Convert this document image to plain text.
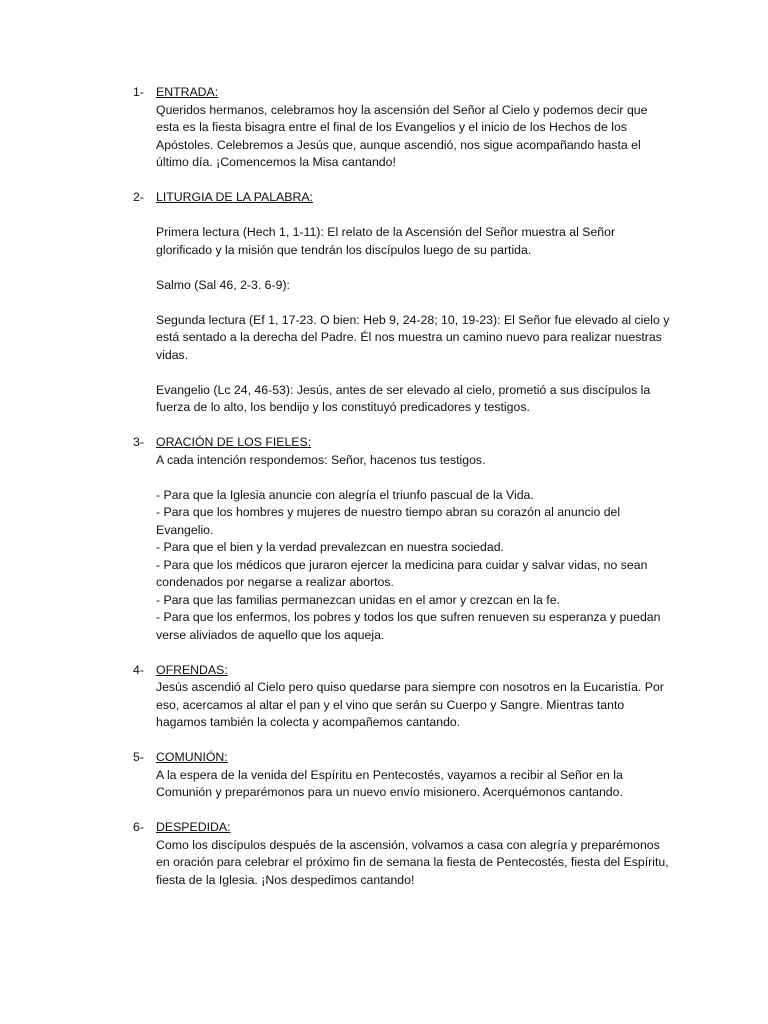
1- ENTRADA:

Queridos hermanos, celebramos hoy la ascensión del Señor al Cielo y podemos decir que esta es la fiesta bisagra entre el final de los Evangelios y el inicio de los Hechos de los Apóstoles. Celebremos a Jesús que, aunque ascendió, nos sigue acompañando hasta el último día. ¡Comencemos la Misa cantando!

2- LITURGIA DE LA PALABRA:

Primera lectura (Hech 1, 1-11): El relato de la Ascensión del Señor muestra al Señor glorificado y la misión que tendrán los discípulos luego de su partida.

Salmo (Sal 46, 2-3. 6-9):

Segunda lectura (Ef 1, 17-23. O bien: Heb 9, 24-28; 10, 19-23): El Señor fue elevado al cielo y está sentado a la derecha del Padre. Él nos muestra un camino nuevo para realizar nuestras vidas.

Evangelio (Lc 24, 46-53): Jesús, antes de ser elevado al cielo, prometió a sus discípulos la fuerza de lo alto, los bendijo y los constituyó predicadores y testigos.

3- ORACIÓN DE LOS FIELES:

A cada intención respondemos: Señor, hacenos tus testigos.

- Para que la Iglesia anuncie con alegría el triunfo pascual de la Vida.

- Para que los hombres y mujeres de nuestro tiempo abran su corazón al anuncio del Evangelio.

- Para que el bien y la verdad prevalezcan en nuestra sociedad.

- Para que los médicos que juraron ejercer la medicina para cuidar y salvar vidas, no sean condenados por negarse a realizar abortos.

- Para que las familias permanezcan unidas en el amor y crezcan en la fe.

- Para que los enfermos, los pobres y todos los que sufren renueven su esperanza y puedan verse aliviados de aquello que los aqueja.

4- OFRENDAS:

Jesús ascendió al Cielo pero quiso quedarse para siempre con nosotros en la Eucaristía. Por eso, acercamos al altar el pan y el vino que serán su Cuerpo y Sangre. Mientras tanto hagamos también la colecta y acompañemos cantando.

5- COMUNIÓN:

A la espera de la venida del Espíritu en Pentecostés, vayamos a recibir al Señor en la Comunión y preparémonos para un nuevo envío misionero. Acerquémonos cantando.

6- DESPEDIDA:

Como los discípulos después de la ascensión, volvamos a casa con alegría y preparémonos en oración para celebrar el próximo fin de semana la fiesta de Pentecostés, fiesta del Espíritu, fiesta de la Iglesia. ¡Nos despedimos cantando!
